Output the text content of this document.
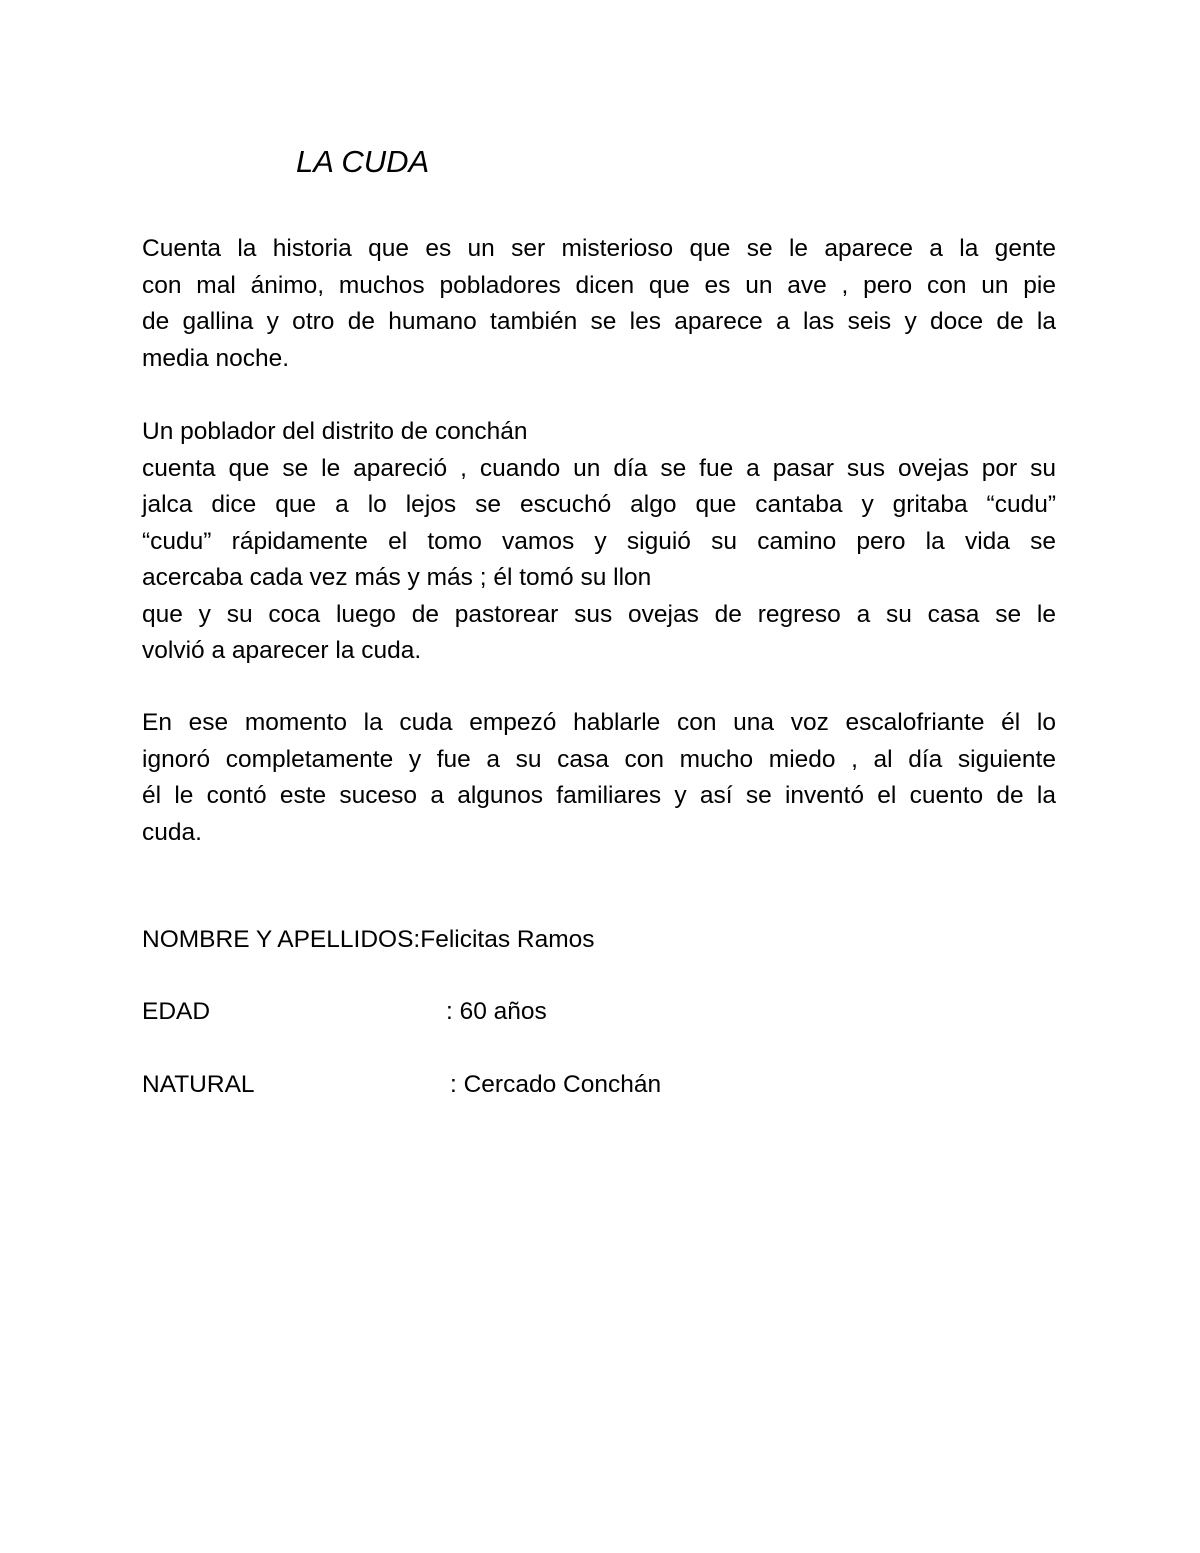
LA CUDA
Cuenta la historia que es un ser misterioso que se le aparece a la gente
con mal ánimo, muchos pobladores dicen que es un ave , pero con un pie
de gallina y otro de humano también se les aparece a las seis y doce de la
media noche.
Un poblador del distrito de conchán
cuenta que se le apareció , cuando un día se fue a pasar sus ovejas por su
jalca dice que a lo lejos se escuchó algo que cantaba y gritaba “cudu”
“cudu” rápidamente el tomo vamos y siguió su camino pero la vida se
acercaba cada vez más y más ; él tomó su llon
que y su coca luego de pastorear sus ovejas de regreso a su casa se le
volvió a aparecer la cuda.
En ese momento la cuda empezó hablarle con una voz escalofriante él lo
ignoró completamente y fue a su casa con mucho miedo , al día siguiente
él le contó este suceso a algunos familiares y así se inventó el cuento de la
cuda.
NOMBRE Y APELLIDOS:Felicitas Ramos
EDAD	: 60 años
NATURAL	: Cercado Conchán
